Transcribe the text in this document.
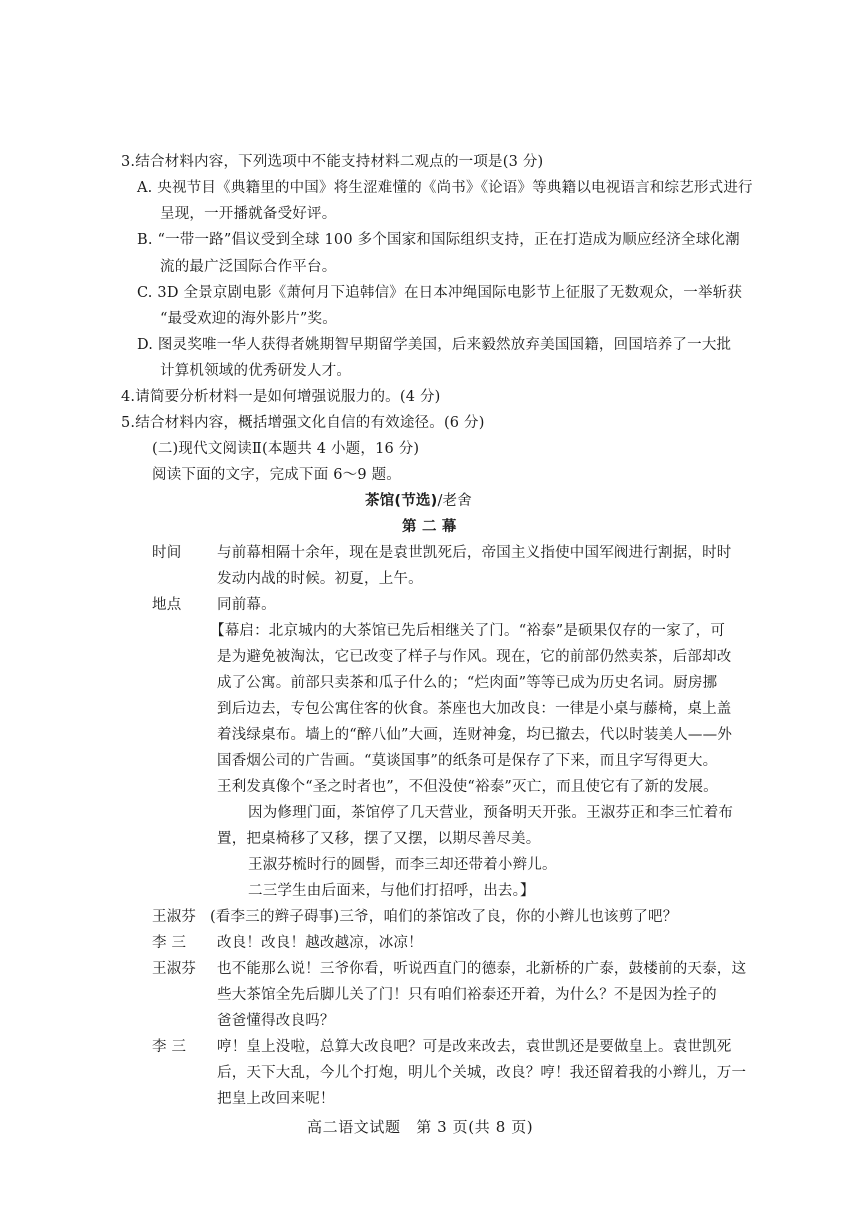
3.结合材料内容，下列选项中不能支持材料二观点的一项是(3 分)
A. 央视节目《典籍里的中国》将生涩难懂的《尚书》《论语》等典籍以电视语言和综艺形式进行
呈现，一开播就备受好评。
B. “一带一路”倡议受到全球 100 多个国家和国际组织支持，正在打造成为顺应经济全球化潮
流的最广泛国际合作平台。
C. 3D 全景京剧电影《萧何月下追韩信》在日本冲绳国际电影节上征服了无数观众，一举斩获
“最受欢迎的海外影片”奖。
D. 图灵奖唯一华人获得者姚期智早期留学美国，后来毅然放弃美国国籍，回国培养了一大批
计算机领域的优秀研发人才。
4.请简要分析材料一是如何增强说服力的。(4 分)
5.结合材料内容，概括增强文化自信的有效途径。(6 分)
(二)现代文阅读Ⅱ(本题共 4 小题，16 分)
阅读下面的文字，完成下面 6～9 题。
茶馆(节选)/老舍
第 二 幕
时间 与前幕相隔十余年，现在是袁世凯死后，帝国主义指使中国军阀进行割据，时时
发动内战的时候。初夏，上午。
地点 同前幕。
【幕启：北京城内的大茶馆已先后相继关了门。“裕泰”是硕果仅存的一家了，可
是为避免被淘汰，它已改变了样子与作风。现在，它的前部仍然卖茶，后部却改
成了公寓。前部只卖茶和瓜子什么的；“烂肉面”等等已成为历史名词。厨房挪
到后边去，专包公寓住客的伙食。茶座也大加改良：一律是小桌与藤椅，桌上盖
着浅绿桌布。墙上的“醉八仙”大画，连财神龛，均已撤去，代以时装美人——外
国香烟公司的广告画。“莫谈国事”的纸条可是保存了下来，而且字写得更大。
王利发真像个“圣之时者也”，不但没使“裕泰”灭亡，而且使它有了新的发展。
因为修理门面，茶馆停了几天营业，预备明天开张。王淑芬正和李三忙着布
置，把桌椅移了又移，摆了又摆，以期尽善尽美。
王淑芬梳时行的圆髻，而李三却还带着小辫儿。
二三学生由后面来，与他们打招呼，出去。】
王淑芬 (看李三的辫子碍事)三爷，咱们的茶馆改了良，你的小辫儿也该剪了吧？
李 三 改良！改良！越改越凉，冰凉！
王淑芬 也不能那么说！三爷你看，听说西直门的德泰，北新桥的广泰，鼓楼前的天泰，这
些大茶馆全先后脚儿关了门！只有咱们裕泰还开着，为什么？不是因为拴子的
爸爸懂得改良吗？
李 三 哼！皇上没啦，总算大改良吧？可是改来改去，袁世凯还是要做皇上。袁世凯死
后，天下大乱，今儿个打炮，明儿个关城，改良？哼！我还留着我的小辫儿，万一
把皇上改回来呢！
高二语文试题　第 3 页(共 8 页)
